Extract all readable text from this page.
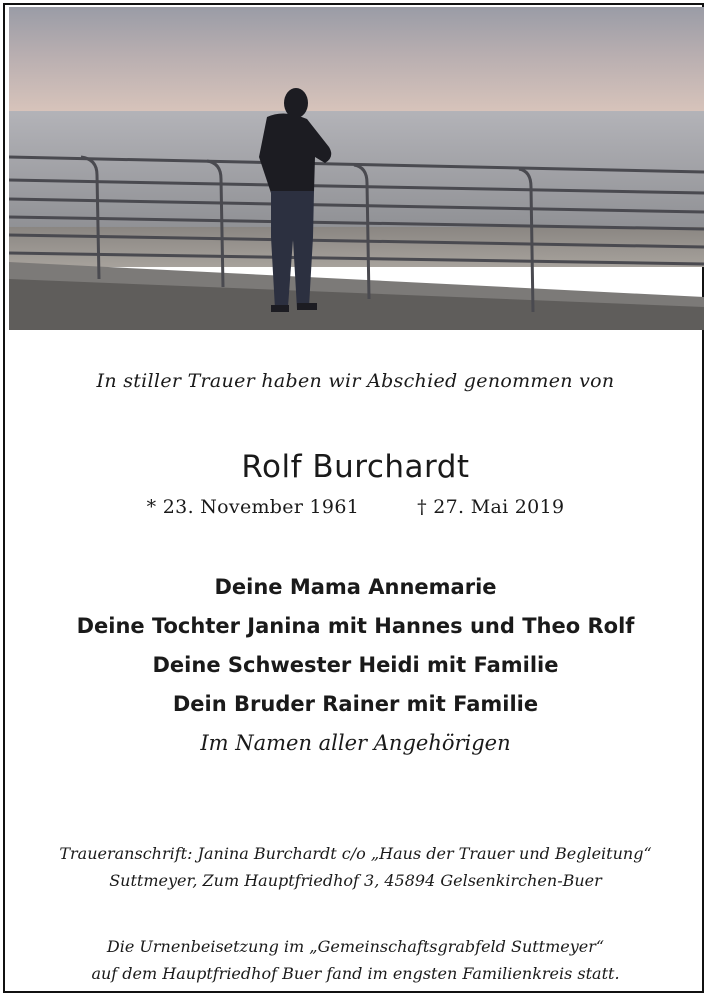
In stiller Trauer haben wir Abschied genommen von
Rolf Burchardt
* 23. November 1961	† 27. Mai 2019
Deine Mama Annemarie
Deine Tochter Janina mit Hannes und Theo Rolf
Deine Schwester Heidi mit Familie
Dein Bruder Rainer mit Familie
Im Namen aller Angehörigen
Traueranschrift: Janina Burchardt c/o „Haus der Trauer und Begleitung“
Suttmeyer, Zum Hauptfriedhof 3, 45894 Gelsenkirchen-Buer
Die Urnenbeisetzung im „Gemeinschaftsgrabfeld Suttmeyer“
auf dem Hauptfriedhof Buer fand im engsten Familienkreis statt.
